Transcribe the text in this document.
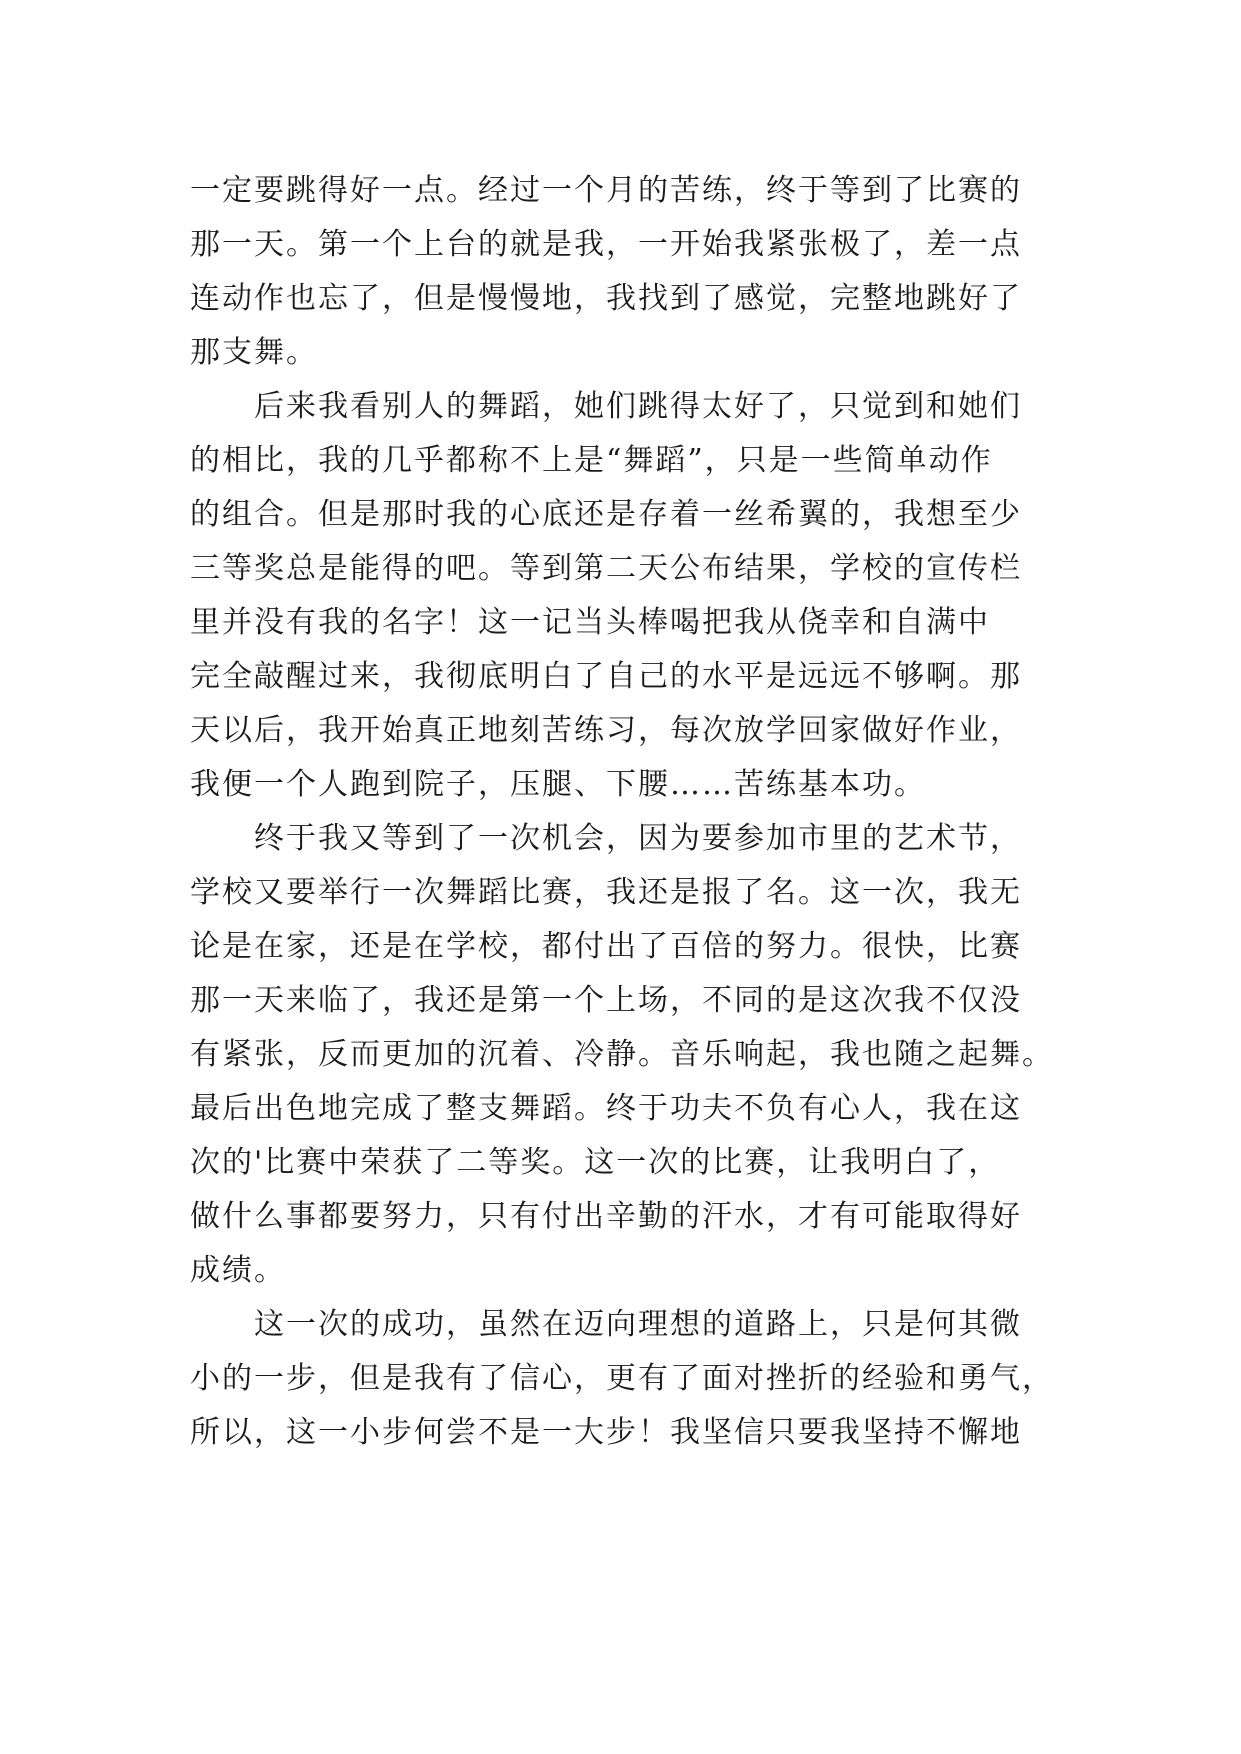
一定要跳得好一点。经过一个月的苦练，终于等到了比赛的
那一天。第一个上台的就是我，一开始我紧张极了，差一点
连动作也忘了，但是慢慢地，我找到了感觉，完整地跳好了
那支舞。
　　后来我看别人的舞蹈，她们跳得太好了，只觉到和她们
的相比，我的几乎都称不上是“舞蹈”，只是一些简单动作
的组合。但是那时我的心底还是存着一丝希翼的，我想至少
三等奖总是能得的吧。等到第二天公布结果，学校的宣传栏
里并没有我的名字！这一记当头棒喝把我从侥幸和自满中
完全敲醒过来，我彻底明白了自己的水平是远远不够啊。那
天以后，我开始真正地刻苦练习，每次放学回家做好作业，
我便一个人跑到院子，压腿、下腰……苦练基本功。
　　终于我又等到了一次机会，因为要参加市里的艺术节，
学校又要举行一次舞蹈比赛，我还是报了名。这一次，我无
论是在家，还是在学校，都付出了百倍的努力。很快，比赛
那一天来临了，我还是第一个上场，不同的是这次我不仅没
有紧张，反而更加的沉着、冷静。音乐响起，我也随之起舞。
最后出色地完成了整支舞蹈。终于功夫不负有心人，我在这
次的'比赛中荣获了二等奖。这一次的比赛，让我明白了，
做什么事都要努力，只有付出辛勤的汗水，才有可能取得好
成绩。
　　这一次的成功，虽然在迈向理想的道路上，只是何其微
小的一步，但是我有了信心，更有了面对挫折的经验和勇气，
所以，这一小步何尝不是一大步！我坚信只要我坚持不懈地
